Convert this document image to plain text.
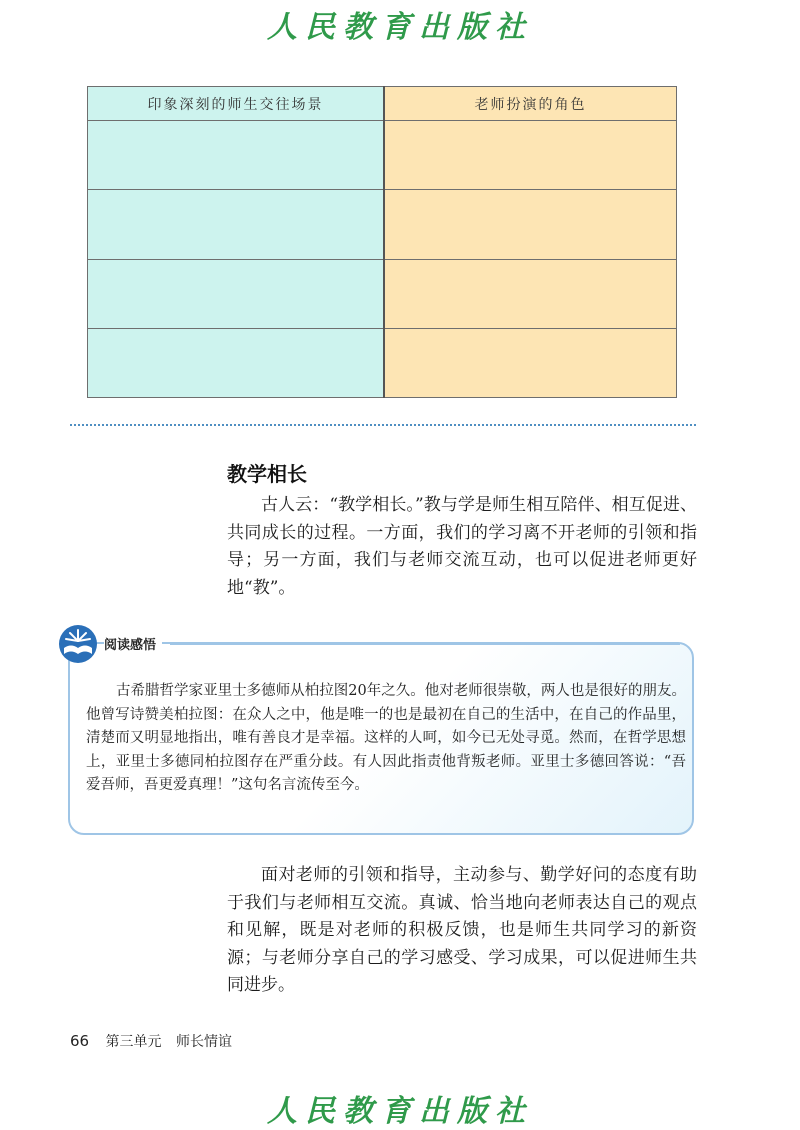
人民教育出版社
印象深刻的师生交往场景	老师扮演的角色

教学相长

古人云：“教学相长。”教与学是师生相互陪伴、相互促进、共同成长的过程。一方面，我们的学习离不开老师的引领和指导；另一方面，我们与老师交流互动，也可以促进老师更好地“教”。

阅读感悟

古希腊哲学家亚里士多德师从柏拉图20年之久。他对老师很崇敬，两人也是很好的朋友。他曾写诗赞美柏拉图：在众人之中，他是唯一的也是最初在自己的生活中，在自己的作品里，清楚而又明显地指出，唯有善良才是幸福。这样的人呵，如今已无处寻觅。然而，在哲学思想上，亚里士多德同柏拉图存在严重分歧。有人因此指责他背叛老师。亚里士多德回答说：“吾爱吾师，吾更爱真理！”这句名言流传至今。

面对老师的引领和指导，主动参与、勤学好问的态度有助于我们与老师相互交流。真诚、恰当地向老师表达自己的观点和见解，既是对老师的积极反馈，也是师生共同学习的新资源；与老师分享自己的学习感受、学习成果，可以促进师生共同进步。

66 第三单元 师长情谊
人民教育出版社
